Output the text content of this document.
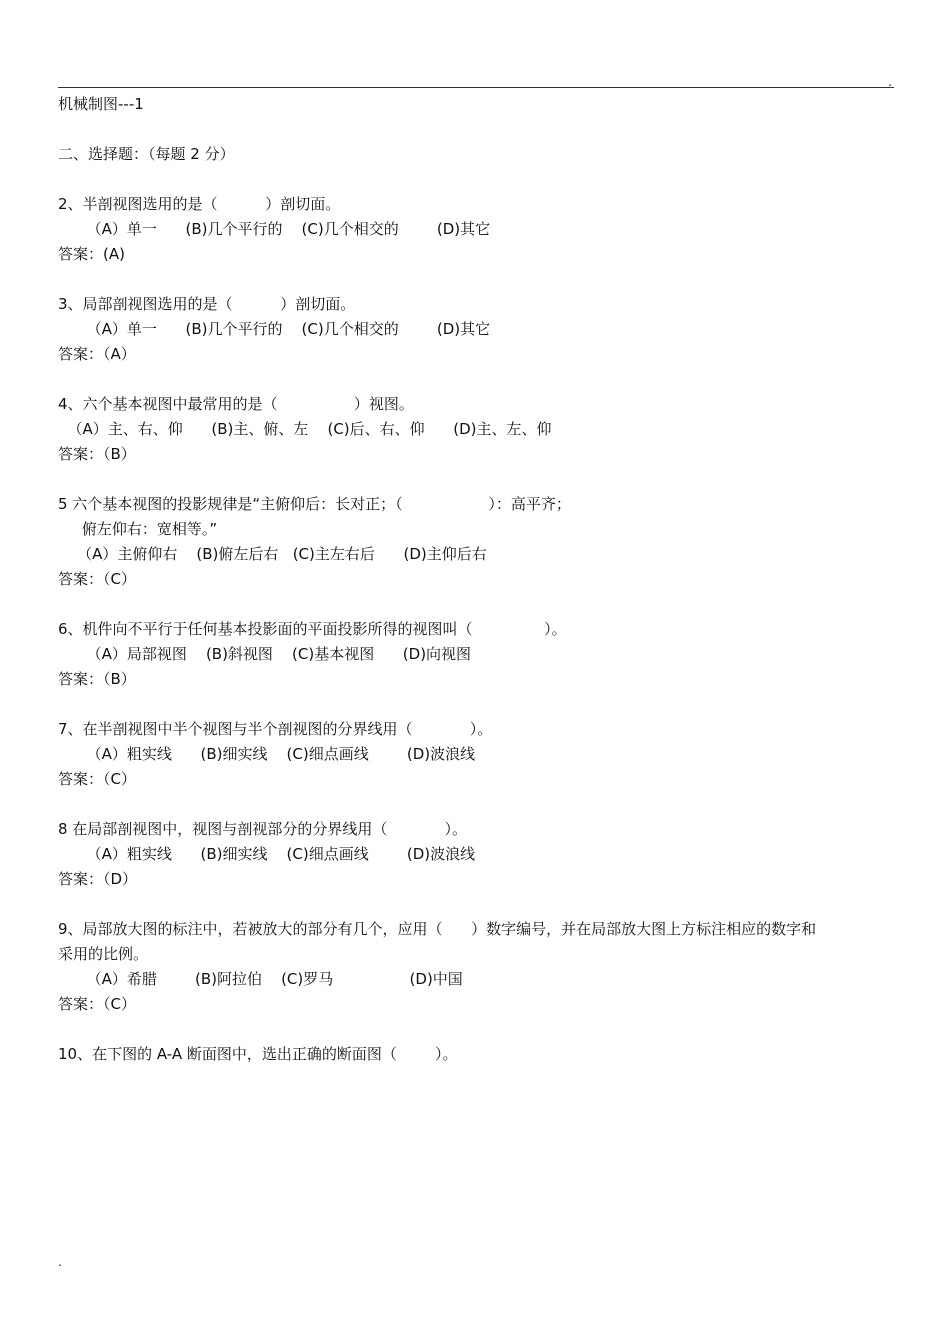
.
机械制图---1
二、选择题：（每题 2 分）
2、半剖视图选用的是（          ）剖切面。
（A）单一      (B)几个平行的    (C)几个相交的        (D)其它
答案：(A)
3、局部剖视图选用的是（          ）剖切面。
（A）单一      (B)几个平行的    (C)几个相交的        (D)其它
答案：（A）
4、六个基本视图中最常用的是（                ）视图。
（A）主、右、仰      (B)主、俯、左    (C)后、右、仰      (D)主、左、仰
答案：（B）
5 六个基本视图的投影规律是“主俯仰后：长对正；（                  ）：高平齐；
俯左仰右：宽相等。”
（A）主俯仰右    (B)俯左后右   (C)主左右后      (D)主仰后右
答案：（C）
6、机件向不平行于任何基本投影面的平面投影所得的视图叫（               ）。
（A）局部视图    (B)斜视图    (C)基本视图      (D)向视图
答案：（B）
7、在半剖视图中半个视图与半个剖视图的分界线用（            ）。
（A）粗实线      (B)细实线    (C)细点画线        (D)波浪线
答案：（C）
8 在局部剖视图中，视图与剖视部分的分界线用（            ）。
（A）粗实线      (B)细实线    (C)细点画线        (D)波浪线
答案：（D）
9、局部放大图的标注中，若被放大的部分有几个，应用（      ）数字编号，并在局部放大图上方标注相应的数字和
采用的比例。
（A）希腊        (B)阿拉伯    (C)罗马                (D)中国
答案：（C）
10、在下图的 A-A 断面图中，选出正确的断面图（        ）。
.
